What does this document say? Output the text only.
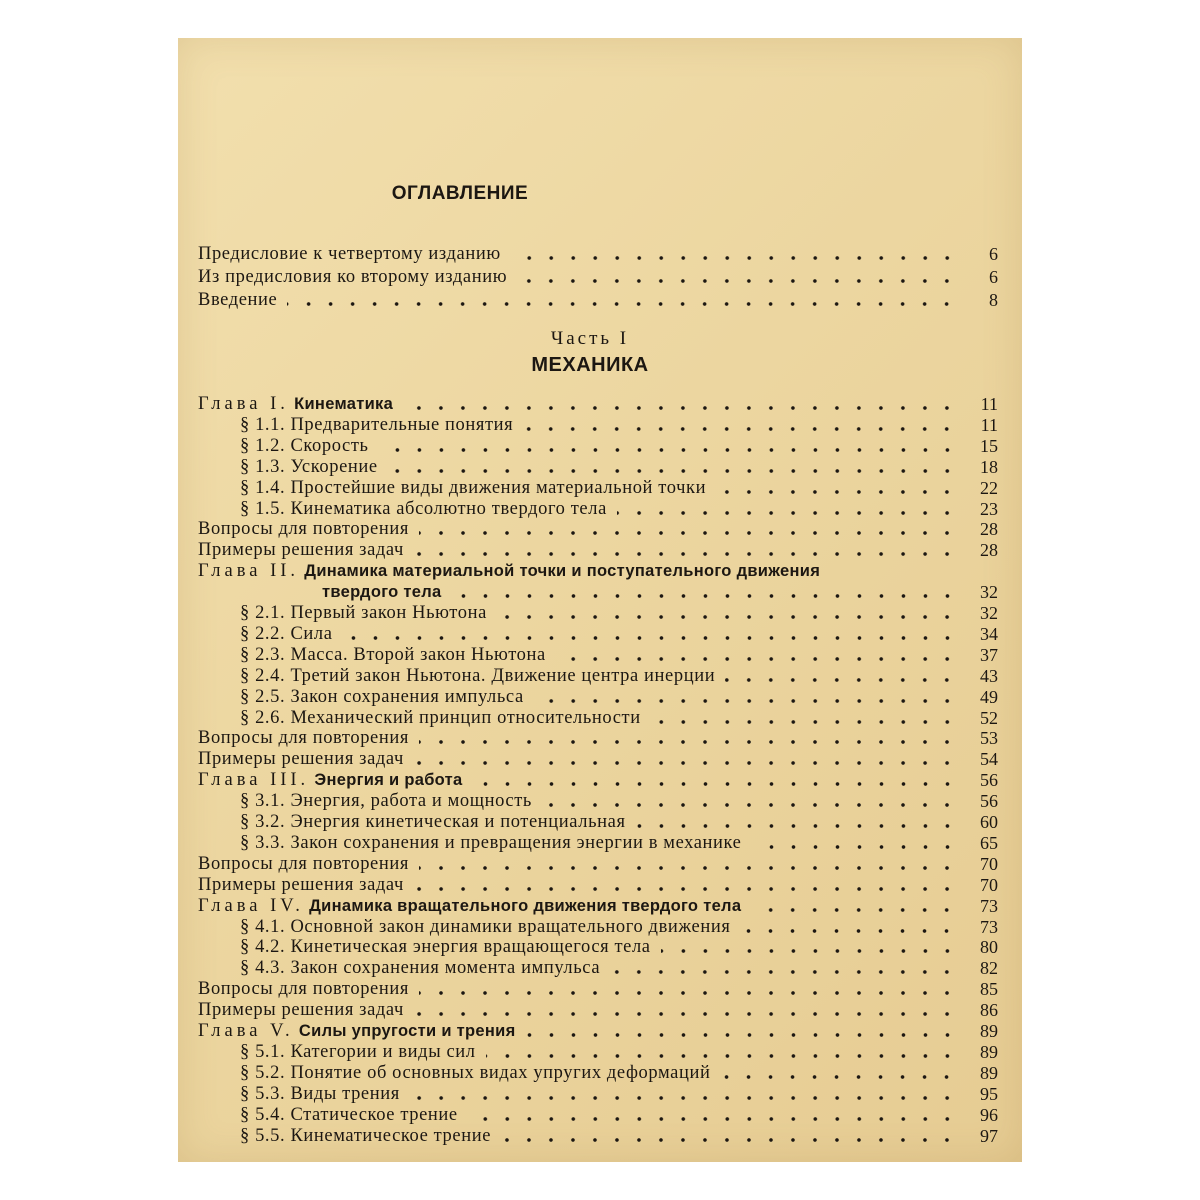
ОГЛАВЛЕНИЕ
Предисловие к четвертому изданию	6
Из предисловия ко второму изданию	6
Введение	8
Часть I
МЕХАНИКА
Глава I. Кинематика	11
§ 1.1. Предварительные понятия	11
§ 1.2. Скорость	15
§ 1.3. Ускорение	18
§ 1.4. Простейшие виды движения материальной точки	22
§ 1.5. Кинематика абсолютно твердого тела	23
Вопросы для повторения	28
Примеры решения задач	28
Глава II. Динамика материальной точки и поступательного движения
твердого тела	32
§ 2.1. Первый закон Ньютона	32
§ 2.2. Сила	34
§ 2.3. Масса. Второй закон Ньютона	37
§ 2.4. Третий закон Ньютона. Движение центра инерции	43
§ 2.5. Закон сохранения импульса	49
§ 2.6. Механический принцип относительности	52
Вопросы для повторения	53
Примеры решения задач	54
Глава III. Энергия и работа	56
§ 3.1. Энергия, работа и мощность	56
§ 3.2. Энергия кинетическая и потенциальная	60
§ 3.3. Закон сохранения и превращения энергии в механике	65
Вопросы для повторения	70
Примеры решения задач	70
Глава IV. Динамика вращательного движения твердого тела	73
§ 4.1. Основной закон динамики вращательного движения	73
§ 4.2. Кинетическая энергия вращающегося тела	80
§ 4.3. Закон сохранения момента импульса	82
Вопросы для повторения	85
Примеры решения задач	86
Глава V. Силы упругости и трения	89
§ 5.1. Категории и виды сил	89
§ 5.2. Понятие об основных видах упругих деформаций	89
§ 5.3. Виды трения	95
§ 5.4. Статическое трение	96
§ 5.5. Кинематическое трение	97
